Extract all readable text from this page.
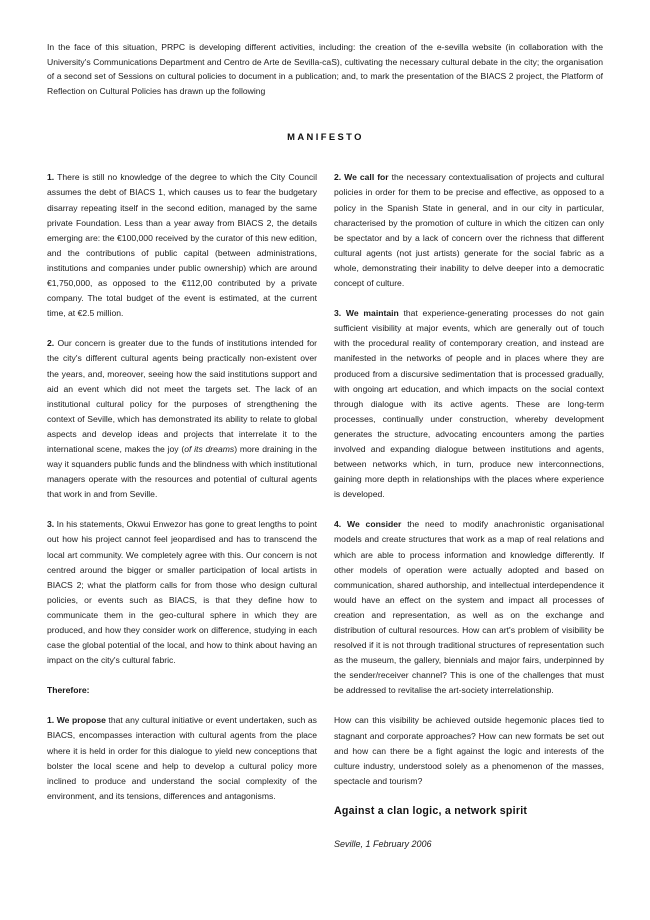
In the face of this situation, PRPC is developing different activities, including: the creation of the e-sevilla website (in collaboration with the University's Communications Department and Centro de Arte de Sevilla-caS), cultivating the necessary cultural debate in the city; the organisation of a second set of Sessions on cultural policies to document in a publication; and, to mark the presentation of the BIACS 2 project, the Platform of Reflection on Cultural Policies has drawn up the following

MANIFESTO

1. There is still no knowledge of the degree to which the City Council assumes the debt of BIACS 1, which causes us to fear the budgetary disarray repeating itself in the second edition, managed by the same private Foundation. Less than a year away from BIACS 2, the details emerging are: the €100,000 received by the curator of this new edition, and the contributions of public capital (between administrations, institutions and companies under public ownership) which are around €1,750,000, as opposed to the €112,00 contributed by a private company. The total budget of the event is estimated, at the current time, at €2.5 million.

2. Our concern is greater due to the funds of institutions intended for the city's different cultural agents being practically non-existent over the years, and, moreover, seeing how the said institutions support and aid an event which did not meet the targets set. The lack of an institutional cultural policy for the purposes of strengthening the context of Seville, which has demonstrated its ability to relate to global aspects and develop ideas and projects that interrelate it to the international scene, makes the joy (of its dreams) more draining in the way it squanders public funds and the blindness with which institutional managers operate with the resources and potential of cultural agents that work in and from Seville.

3. In his statements, Okwui Enwezor has gone to great lengths to point out how his project cannot feel jeopardised and has to transcend the local art community. We completely agree with this. Our concern is not centred around the bigger or smaller participation of local artists in BIACS 2; what the platform calls for from those who design cultural policies, or events such as BIACS, is that they define how to communicate them in the geo-cultural sphere in which they are produced, and how they consider work on difference, studying in each case the global potential of the local, and how to think about having an impact on the city's cultural fabric.

Therefore:

1. We propose that any cultural initiative or event undertaken, such as BIACS, encompasses interaction with cultural agents from the place where it is held in order for this dialogue to yield new conceptions that bolster the local scene and help to develop a cultural policy more inclined to produce and understand the social complexity of the environment, and its tensions, differences and antagonisms.

2. We call for the necessary contextualisation of projects and cultural policies in order for them to be precise and effective, as opposed to a policy in the Spanish State in general, and in our city in particular, characterised by the promotion of culture in which the citizen can only be spectator and by a lack of concern over the richness that different cultural agents (not just artists) generate for the social fabric as a whole, demonstrating their inability to delve deeper into a democratic concept of culture.

3. We maintain that experience-generating processes do not gain sufficient visibility at major events, which are generally out of touch with the procedural reality of contemporary creation, and instead are manifested in the networks of people and in places where they are produced from a discursive sedimentation that is processed gradually, with ongoing art education, and which impacts on the social context through dialogue with its active agents. These are long-term processes, continually under construction, whereby development generates the structure, advocating encounters among the parties involved and expanding dialogue between institutions and agents, between networks which, in turn, produce new interconnections, gaining more depth in relationships with the places where experience is developed.

4. We consider the need to modify anachronistic organisational models and create structures that work as a map of real relations and which are able to process information and knowledge differently. If other models of operation were actually adopted and based on communication, shared authorship, and intellectual interdependence it would have an effect on the system and impact all processes of creation and representation, as well as on the exchange and distribution of cultural resources. How can art's problem of visibility be resolved if it is not through traditional structures of representation such as the museum, the gallery, biennials and major fairs, underpinned by the sender/receiver channel? This is one of the challenges that must be addressed to revitalise the art-society interrelationship.

How can this visibility be achieved outside hegemonic places tied to stagnant and corporate approaches? How can new formats be set out and how can there be a fight against the logic and interests of the culture industry, understood solely as a phenomenon of the masses, spectacle and tourism?

Against a clan logic, a network spirit

Seville, 1 February 2006
